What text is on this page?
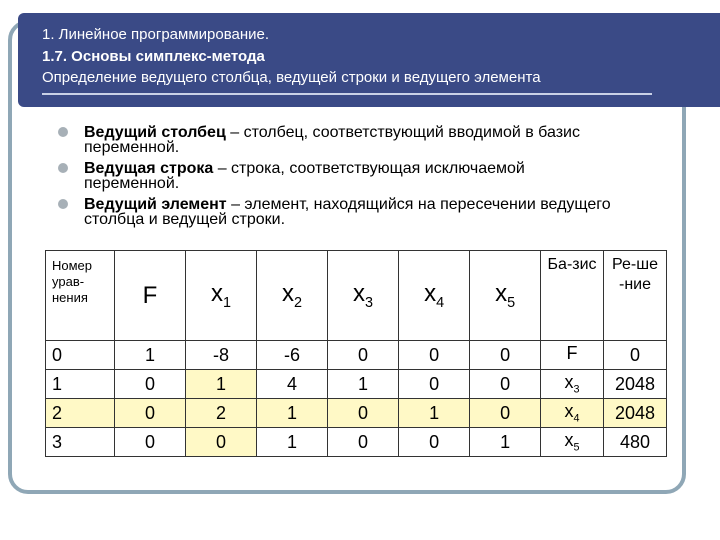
1. Линейное программирование.
1.7. Основы симплекс-метода
Определение ведущего столбца, ведущей строки и ведущего элемента
Ведущий столбец – столбец, соответствующий вводимой в базис переменной.
Ведущая строка – строка, соответствующая исключаемой переменной.
Ведущий элемент – элемент, находящийся на пересечении ведущего столбца и ведущей строки.
Номер урав-нения	F	$x_1$	$x_2$	$x_3$	$x_4$	$x_5$	Ба-зис	Ре-ше -ние
0	1	-8	-6	0	0	0	F	0
1	0	1	4	1	0	0	$x_3$	2048
2	0	2	1	0	1	0	$x_4$	2048
3	0	0	1	0	0	1	$x_5$	480
